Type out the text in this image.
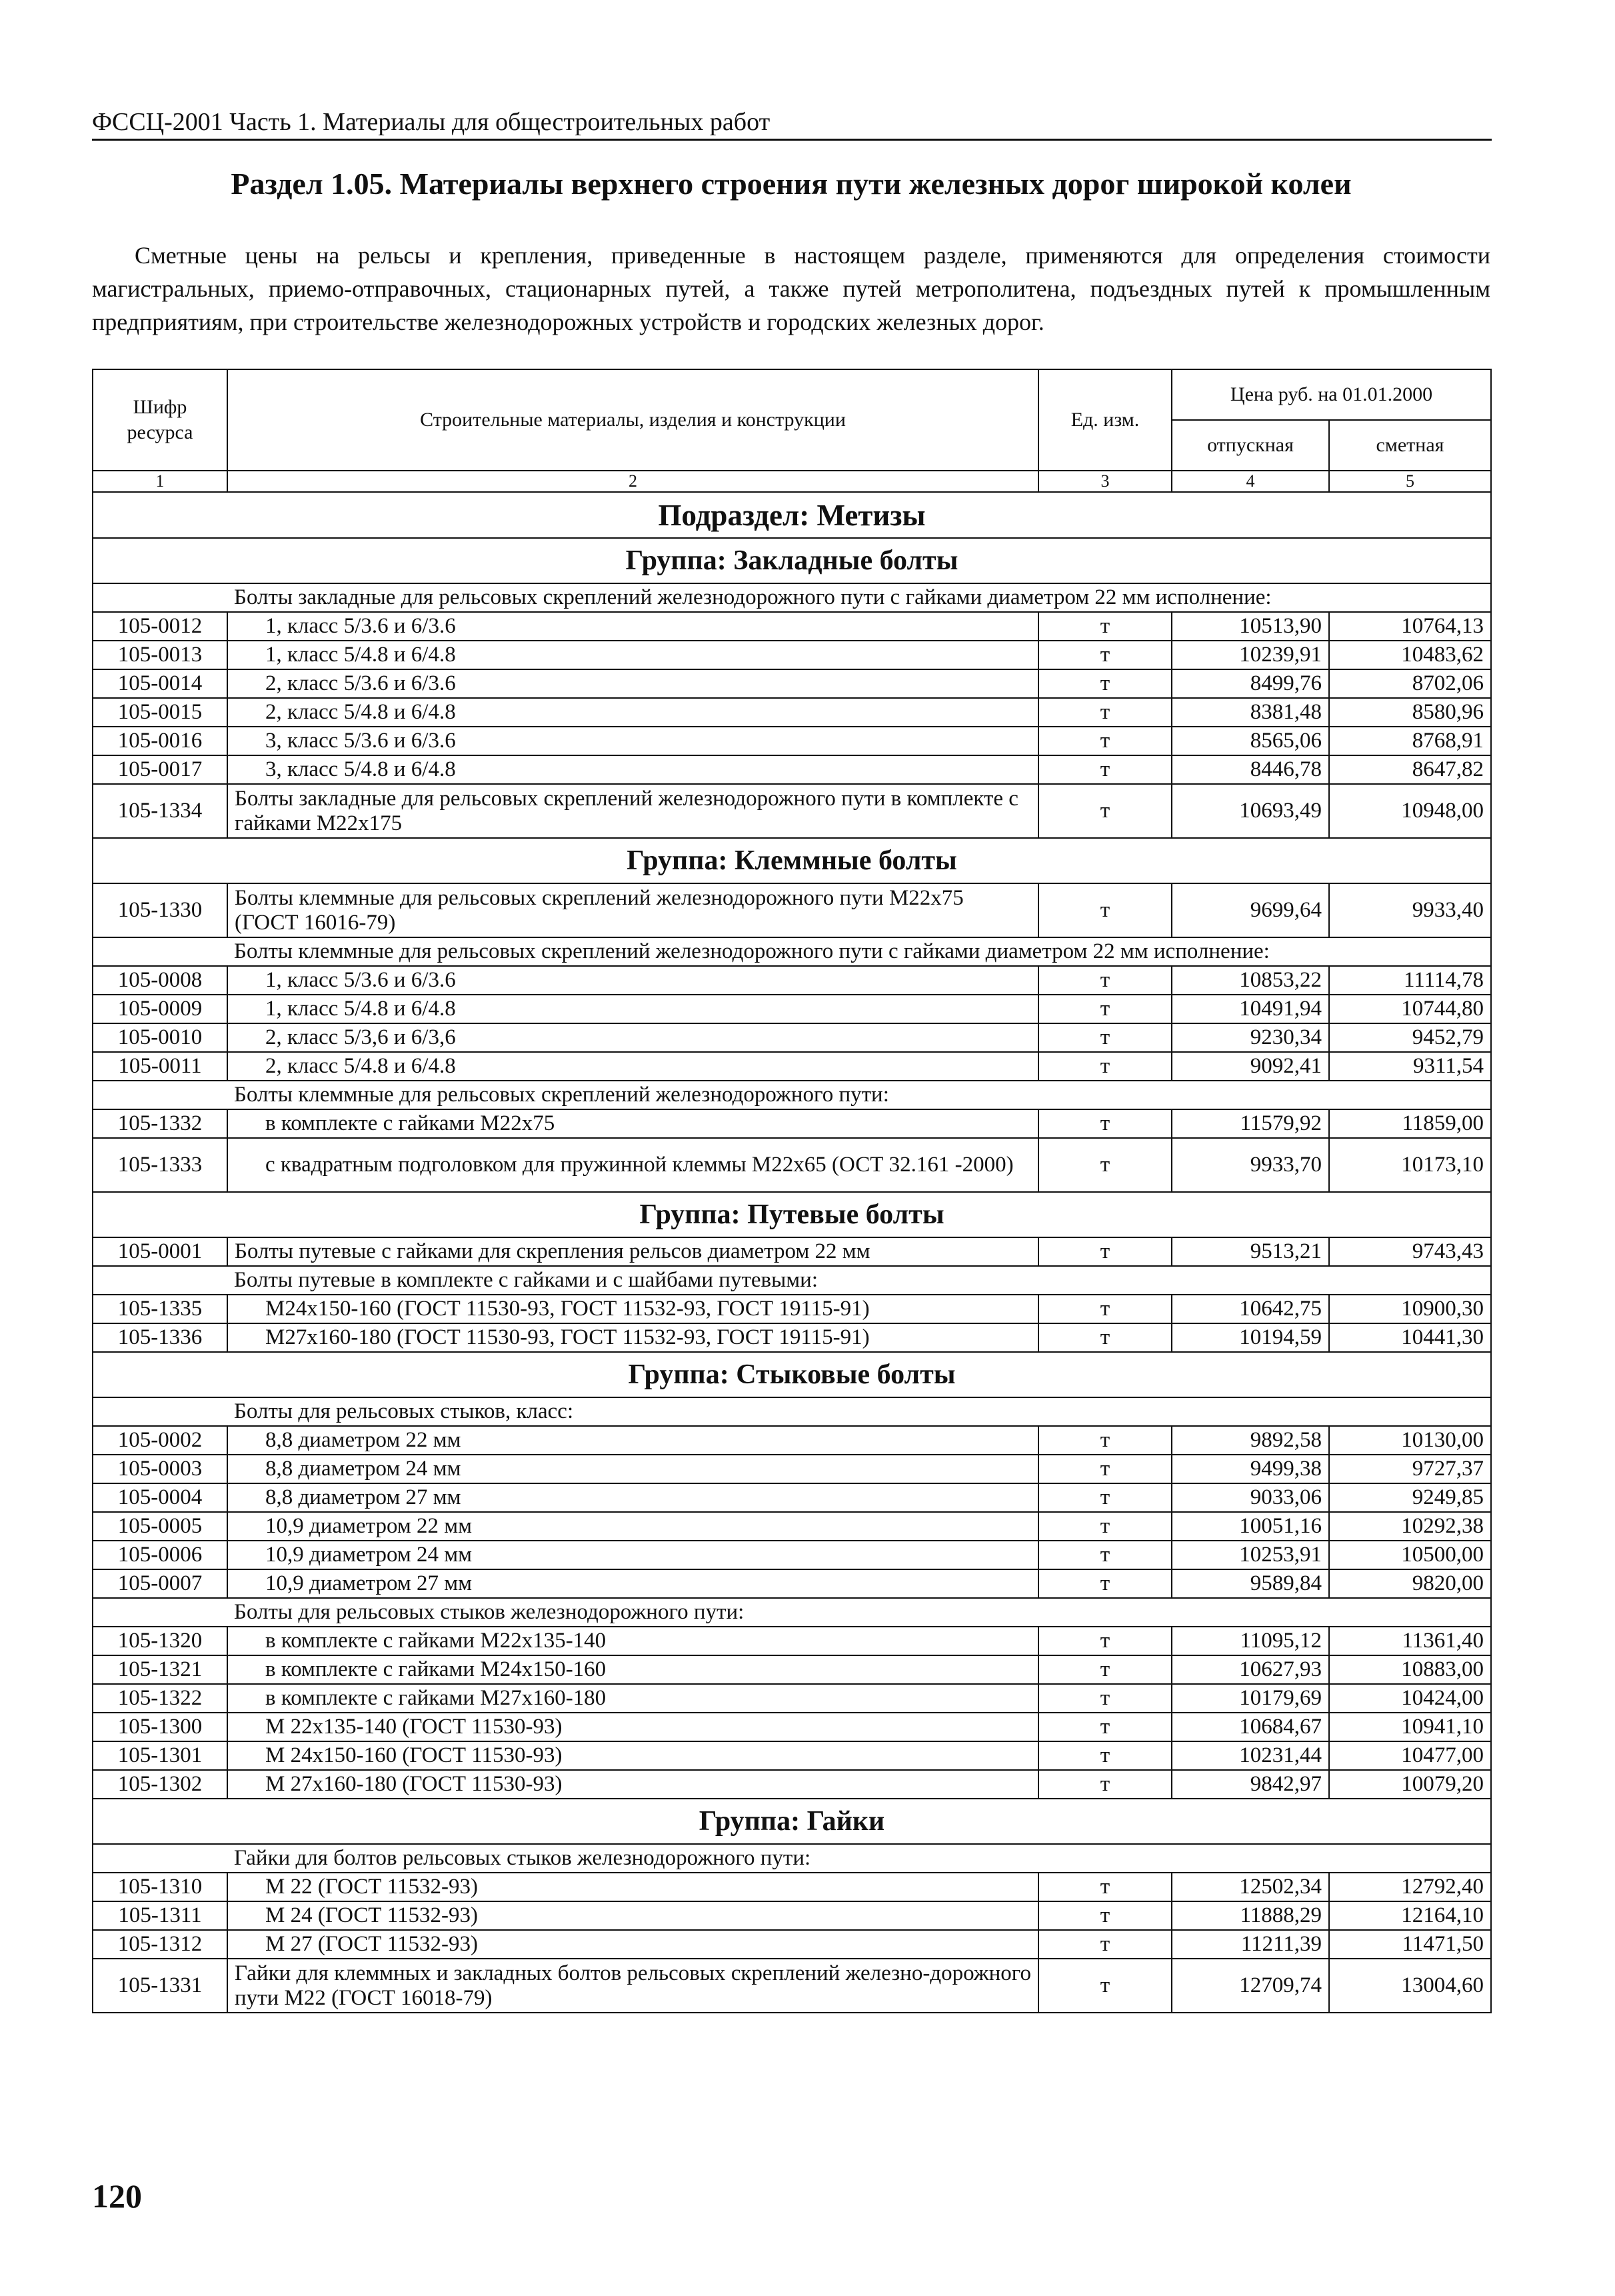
ФССЦ-2001 Часть 1. Материалы для общестроительных работ
Раздел 1.05. Материалы верхнего строения пути железных дорог широкой колеи
Сметные цены на рельсы и крепления, приведенные в настоящем разделе, применяются для определения стоимости магистральных, приемо-отправочных, стационарных путей, а также путей метрополитена, подъездных путей к промышленным предприятиям, при строительстве железнодорожных устройств и городских железных дорог.
Шифр ресурса	Строительные материалы, изделия и конструкции	Ед. изм.	Цена руб. на 01.01.2000	
			отпускная	сметная
1	2	3	4	5
Подраздел: Метизы				
Группа: Закладные болты				
	Болты закладные для рельсовых скреплений железнодорожного пути с гайками диаметром 22 мм исполнение:			
105-0012	1, класс 5/3.6 и 6/3.6	т	10513,90	10764,13
105-0013	1, класс 5/4.8 и 6/4.8	т	10239,91	10483,62
105-0014	2, класс 5/3.6 и 6/3.6	т	8499,76	8702,06
105-0015	2, класс 5/4.8 и 6/4.8	т	8381,48	8580,96
105-0016	3, класс 5/3.6 и 6/3.6	т	8565,06	8768,91
105-0017	3, класс 5/4.8 и 6/4.8	т	8446,78	8647,82
105-1334	Болты закладные для рельсовых скреплений железнодорожного пути в комплекте с гайками М22х175	т	10693,49	10948,00
Группа: Клеммные болты				
105-1330	Болты клеммные для рельсовых скреплений железнодорожного пути М22х75 (ГОСТ 16016-79)	т	9699,64	9933,40
	Болты клеммные для рельсовых скреплений железнодорожного пути с гайками диаметром 22 мм исполнение:			
105-0008	1, класс 5/3.6 и 6/3.6	т	10853,22	11114,78
105-0009	1, класс 5/4.8 и 6/4.8	т	10491,94	10744,80
105-0010	2, класс 5/3,6 и 6/3,6	т	9230,34	9452,79
105-0011	2, класс 5/4.8 и 6/4.8	т	9092,41	9311,54
	Болты клеммные для рельсовых скреплений железнодорожного пути:			
105-1332	в комплекте с гайками М22х75	т	11579,92	11859,00
105-1333	с квадратным подголовком для пружинной клеммы М22х65 (ОСТ 32.161 -2000)	т	9933,70	10173,10
Группа: Путевые болты				
105-0001	Болты путевые с гайками для скрепления рельсов диаметром 22 мм	т	9513,21	9743,43
	Болты путевые в комплекте с гайками и с шайбами путевыми:			
105-1335	М24х150-160 (ГОСТ 11530-93, ГОСТ 11532-93, ГОСТ 19115-91)	т	10642,75	10900,30
105-1336	М27х160-180 (ГОСТ 11530-93, ГОСТ 11532-93, ГОСТ 19115-91)	т	10194,59	10441,30
Группа: Стыковые болты				
	Болты для рельсовых стыков, класс:			
105-0002	8,8 диаметром 22 мм	т	9892,58	10130,00
105-0003	8,8 диаметром 24 мм	т	9499,38	9727,37
105-0004	8,8 диаметром 27 мм	т	9033,06	9249,85
105-0005	10,9 диаметром 22 мм	т	10051,16	10292,38
105-0006	10,9 диаметром 24 мм	т	10253,91	10500,00
105-0007	10,9 диаметром 27 мм	т	9589,84	9820,00
	Болты для рельсовых стыков железнодорожного пути:			
105-1320	в комплекте с гайками М22х135-140	т	11095,12	11361,40
105-1321	в комплекте с гайками М24х150-160	т	10627,93	10883,00
105-1322	в комплекте с гайками М27х160-180	т	10179,69	10424,00
105-1300	М 22х135-140 (ГОСТ 11530-93)	т	10684,67	10941,10
105-1301	М 24х150-160 (ГОСТ 11530-93)	т	10231,44	10477,00
105-1302	М 27х160-180 (ГОСТ 11530-93)	т	9842,97	10079,20
Группа: Гайки				
	Гайки для болтов рельсовых стыков железнодорожного пути:			
105-1310	М 22 (ГОСТ 11532-93)	т	12502,34	12792,40
105-1311	М 24 (ГОСТ 11532-93)	т	11888,29	12164,10
105-1312	М 27 (ГОСТ 11532-93)	т	11211,39	11471,50
105-1331	Гайки для клеммных и закладных болтов рельсовых скреплений железно-дорожного пути М22 (ГОСТ 16018-79)	т	12709,74	13004,60
120
